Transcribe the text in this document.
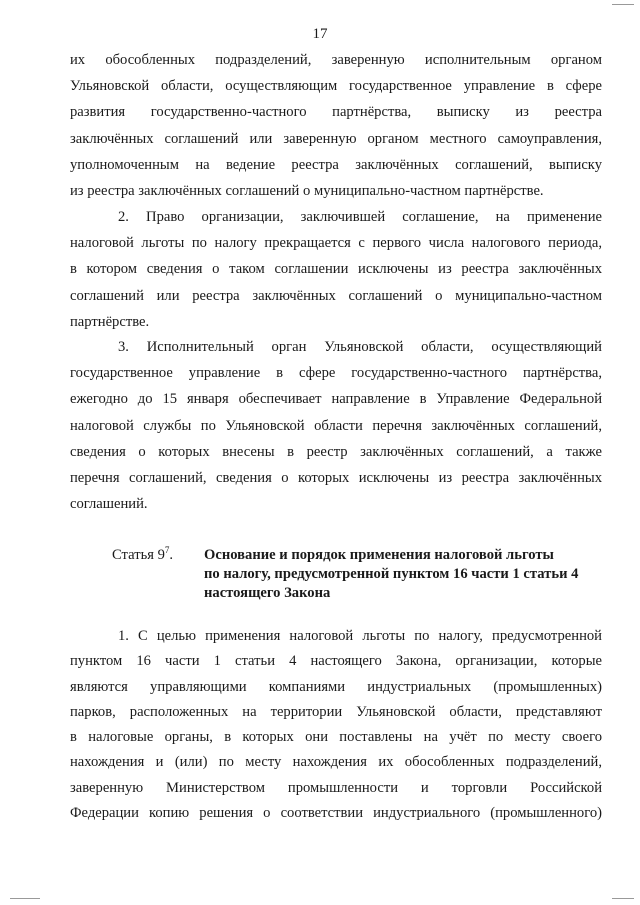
17
их обособленных подразделений, заверенную исполнительным органом
Ульяновской области, осуществляющим государственное управление в сфере
развития государственно-частного партнёрства, выписку из реестра
заключённых соглашений или заверенную органом местного самоуправления,
уполномоченным на ведение реестра заключённых соглашений, выписку
из реестра заключённых соглашений о муниципально-частном партнёрстве.
2. Право организации, заключившей соглашение, на применение
налоговой льготы по налогу прекращается с первого числа налогового периода,
в котором сведения о таком соглашении исключены из реестра заключённых
соглашений или реестра заключённых соглашений о муниципально-частном
партнёрстве.
3. Исполнительный орган Ульяновской области, осуществляющий
государственное управление в сфере государственно-частного партнёрства,
ежегодно до 15 января обеспечивает направление в Управление Федеральной
налоговой службы по Ульяновской области перечня заключённых соглашений,
сведения о которых внесены в реестр заключённых соглашений, а также
перечня соглашений, сведения о которых исключены из реестра заключённых
соглашений.
Статья $9^7$. Основание и порядок применения налоговой льготы
по налогу, предусмотренной пунктом 16 части 1 статьи 4
настоящего Закона
1. С целью применения налоговой льготы по налогу, предусмотренной
пунктом 16 части 1 статьи 4 настоящего Закона, организации, которые
являются управляющими компаниями индустриальных (промышленных)
парков, расположенных на территории Ульяновской области, представляют
в налоговые органы, в которых они поставлены на учёт по месту своего
нахождения и (или) по месту нахождения их обособленных подразделений,
заверенную Министерством промышленности и торговли Российской
Федерации копию решения о соответствии индустриального (промышленного)
